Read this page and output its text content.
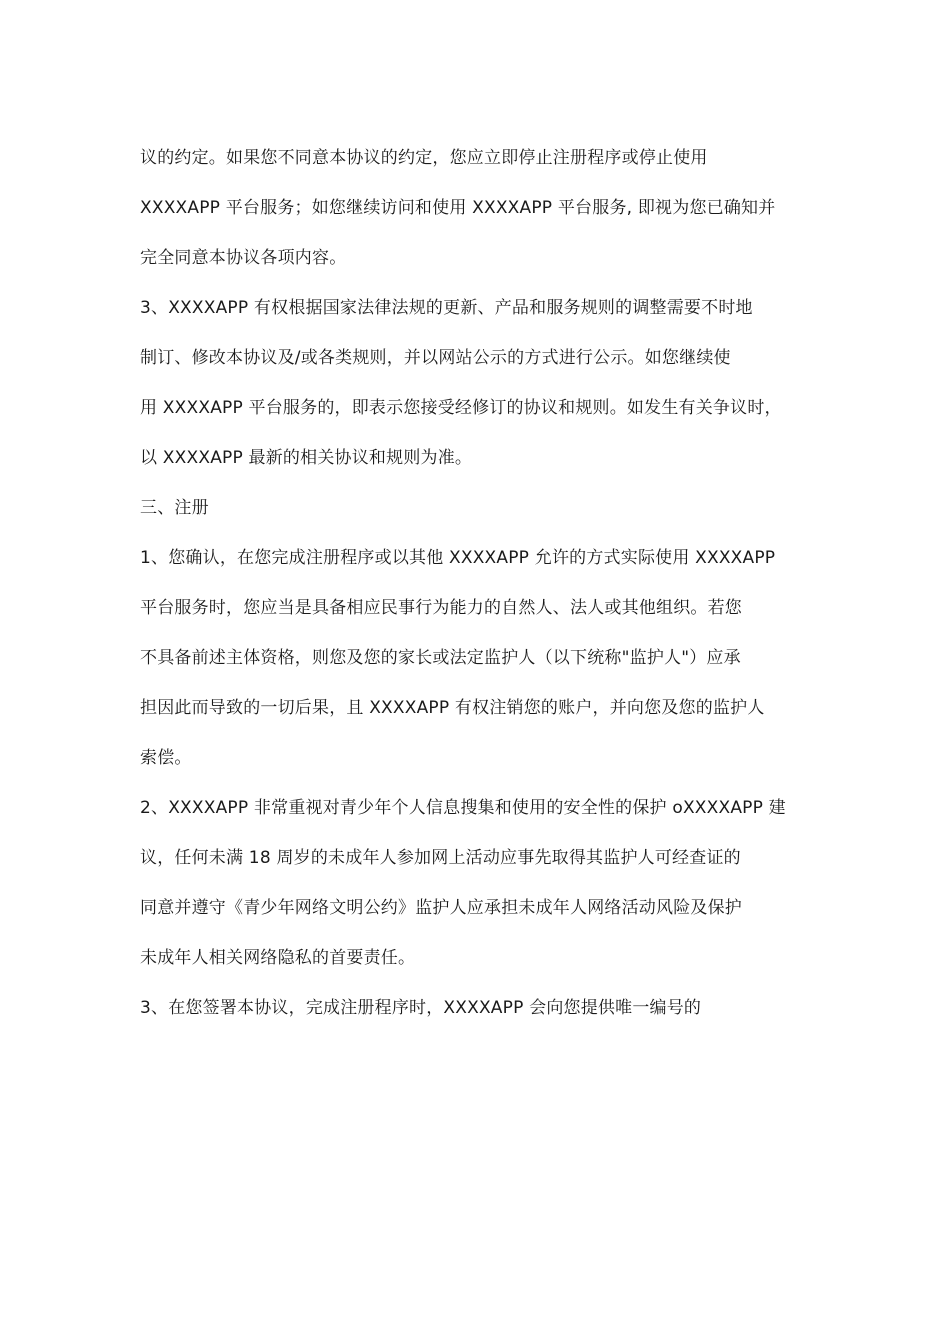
议的约定。如果您不同意本协议的约定，您应立即停止注册程序或停止使用
XXXXAPP 平台服务；如您继续访问和使用 XXXXAPP 平台服务, 即视为您已确知并
完全同意本协议各项内容。
3、XXXXAPP 有权根据国家法律法规的更新、产品和服务规则的调整需要不时地
制订、修改本协议及/或各类规则，并以网站公示的方式进行公示。如您继续使
用 XXXXAPP 平台服务的，即表示您接受经修订的协议和规则。如发生有关争议时，
以 XXXXAPP 最新的相关协议和规则为准。
三、注册
1、您确认，在您完成注册程序或以其他 XXXXAPP 允许的方式实际使用 XXXXAPP
平台服务时，您应当是具备相应民事行为能力的自然人、法人或其他组织。若您
不具备前述主体资格，则您及您的家长或法定监护人（以下统称"监护人"）应承
担因此而导致的一切后果，且 XXXXAPP 有权注销您的账户，并向您及您的监护人
索偿。
2、XXXXAPP 非常重视对青少年个人信息搜集和使用的安全性的保护 oXXXXAPP 建
议，任何未满 18 周岁的未成年人参加网上活动应事先取得其监护人可经查证的
同意并遵守《青少年网络文明公约》监护人应承担未成年人网络活动风险及保护
未成年人相关网络隐私的首要责任。
3、在您签署本协议，完成注册程序时，XXXXAPP 会向您提供唯一编号的
